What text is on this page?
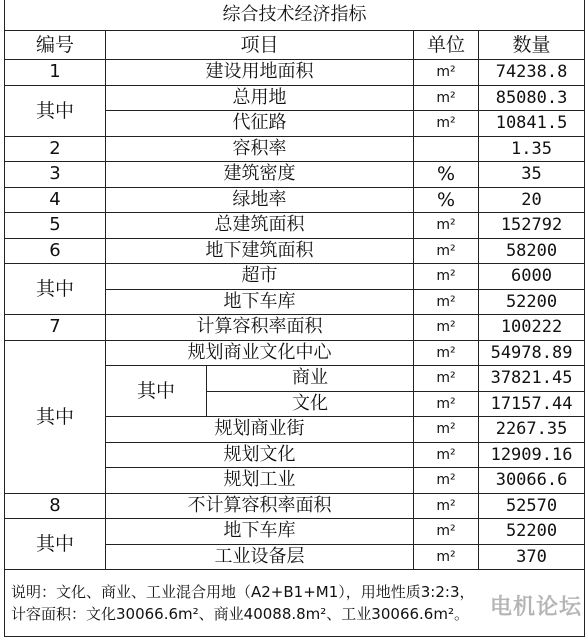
综合技术经济指标				
编号	项目		单位	数量
1	建设用地面积		m²	74238.8
其中	总用地		m²	85080.3
	代征路		m²	10841.5
2	容积率			1.35
3	建筑密度		%	35
4	绿地率		%	20
5	总建筑面积		m²	152792
6	地下建筑面积		m²	58200
其中	超市		m²	6000
	地下车库		m²	52200
7	计算容积率面积		m²	100222
其中	规划商业文化中心		m²	54978.89
	其中	商业	m²	37821.45
		文化	m²	17157.44
	规划商业街		m²	2267.35
	规划文化		m²	12909.16
	规划工业		m²	30066.6
8	不计算容积率面积		m²	52570
其中	地下车库		m²	52200
	工业设备层		m²	370

说明：文化、商业、工业混合用地（A2+B1+M1），用地性质3:2:3，
计容面积：文化30066.6m²、商业40088.8m²、工业30066.6m²。				电机论坛
